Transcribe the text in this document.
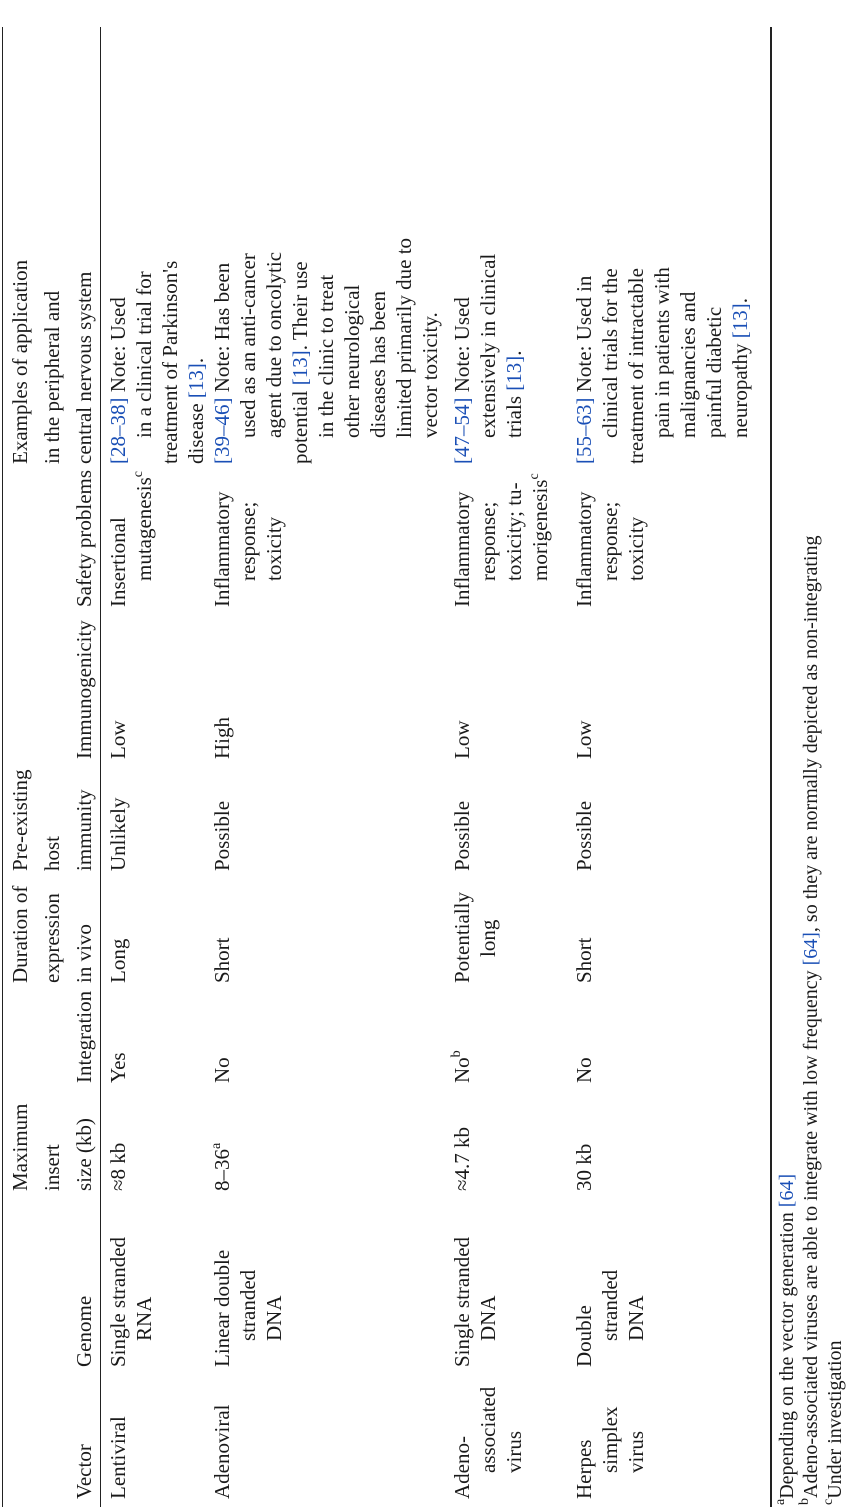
Vector
Genome
Maximum insert size (kb)
Integration
Duration of expression in vivo
Pre-existing host immunity
Immunogenicity
Safety problems
Examples of application in the peripheral and central nervous system
Lentiviral
Single stranded RNA
≈8 kb
Yes
Long
Unlikely
Low
Insertional mutagenesis$^c$
[28–38] Note: Used in a clinical trial for treatment of Parkinson's disease [13].
Adenoviral
Linear double stranded DNA
8–36$^a$
No
Short
Possible
High
Inflammatory response; toxicity
[39–46] Note: Has been used as an anti-cancer agent due to oncolytic potential [13]. Their use in the clinic to treat other neurological diseases has been limited primarily due to vector toxicity.
Adeno- associated virus
Single stranded DNA
≈4.7 kb
No$^b$
Potentially long
Possible
Low
Inflammatory response; toxicity; tu- morigenesis$^c$
[47–54] Note: Used extensively in clinical trials [13].
Herpes simplex virus
Double stranded DNA
30 kb
No
Short
Possible
Low
Inflammatory response; toxicity
[55–63] Note: Used in clinical trials for the treatment of intractable pain in patients with malignancies and painful diabetic neuropathy [13].
$^a$Depending on the vector generation [64]
$^b$Adeno-associated viruses are able to integrate with low frequency [64], so they are normally depicted as non-integrating
$^c$Under investigation
